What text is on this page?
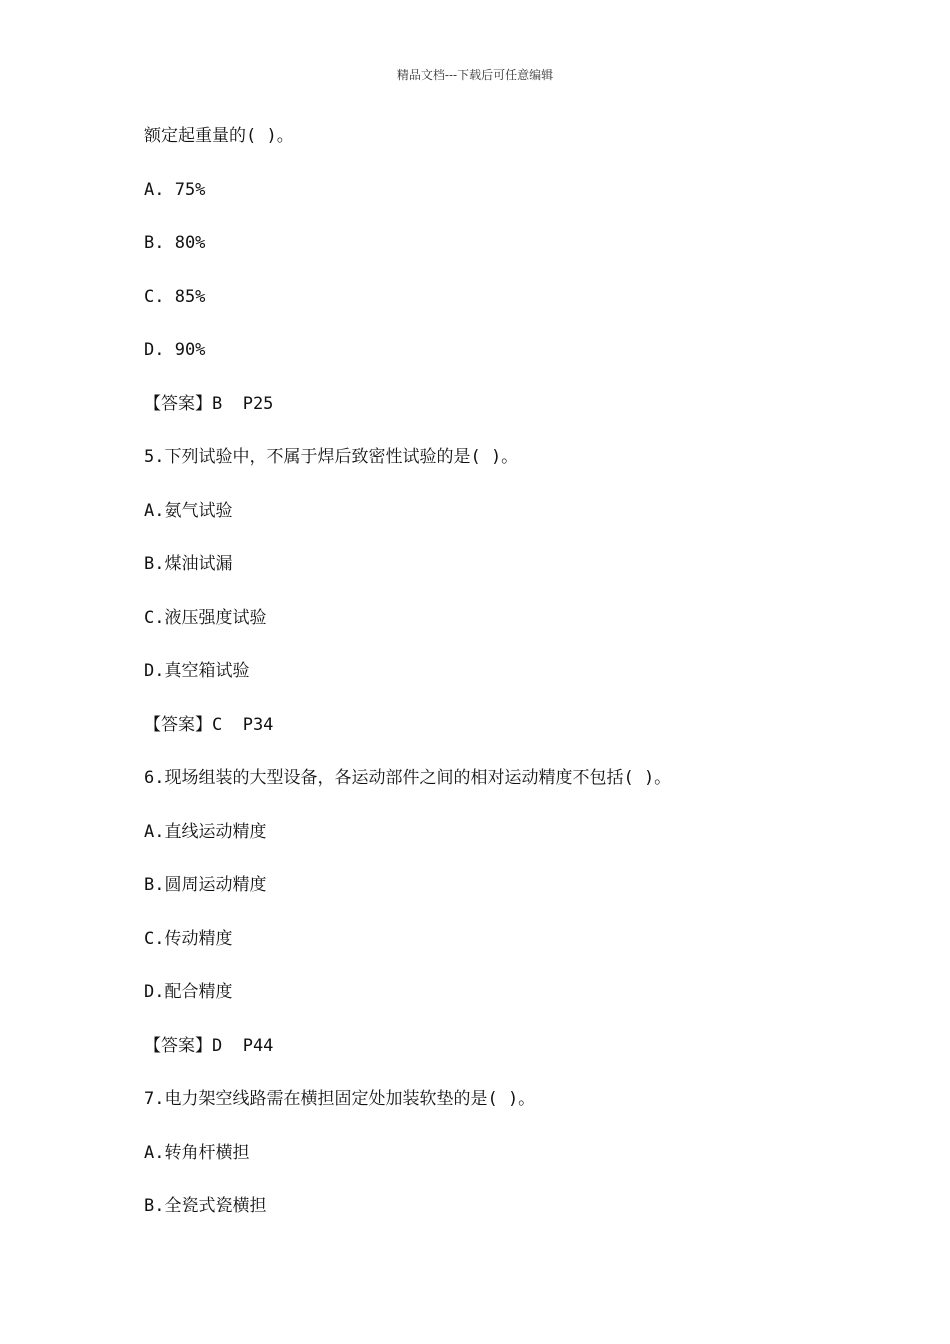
精品文档---下载后可任意编辑
额定起重量的( )。
A. 75%
B. 80%
C. 85%
D. 90%
【答案】B  P25
5.下列试验中，不属于焊后致密性试验的是( )。
A.氨气试验
B.煤油试漏
C.液压强度试验
D.真空箱试验
【答案】C  P34
6.现场组装的大型设备，各运动部件之间的相对运动精度不包括( )。
A.直线运动精度
B.圆周运动精度
C.传动精度
D.配合精度
【答案】D  P44
7.电力架空线路需在横担固定处加装软垫的是( )。
A.转角杆横担
B.全瓷式瓷横担
